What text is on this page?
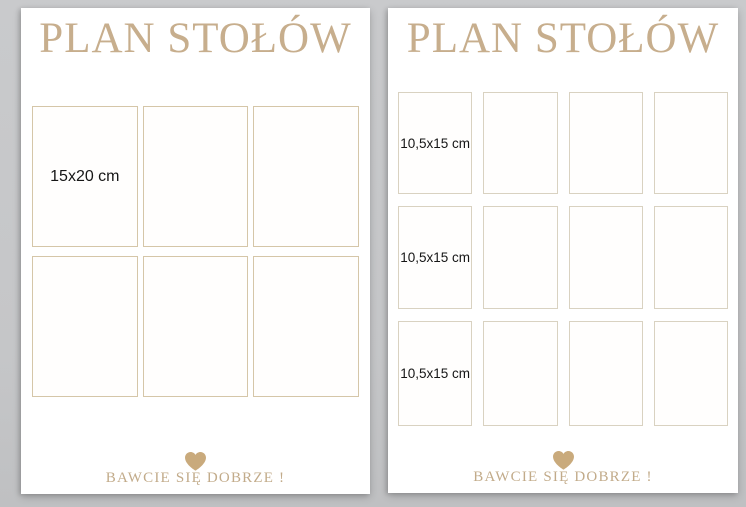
PLAN STOŁÓW
15x20 cm
BAWCIE SIĘ DOBRZE !
PLAN STOŁÓW
10,5x15 cm
10,5x15 cm
10,5x15 cm
BAWCIE SIĘ DOBRZE !
